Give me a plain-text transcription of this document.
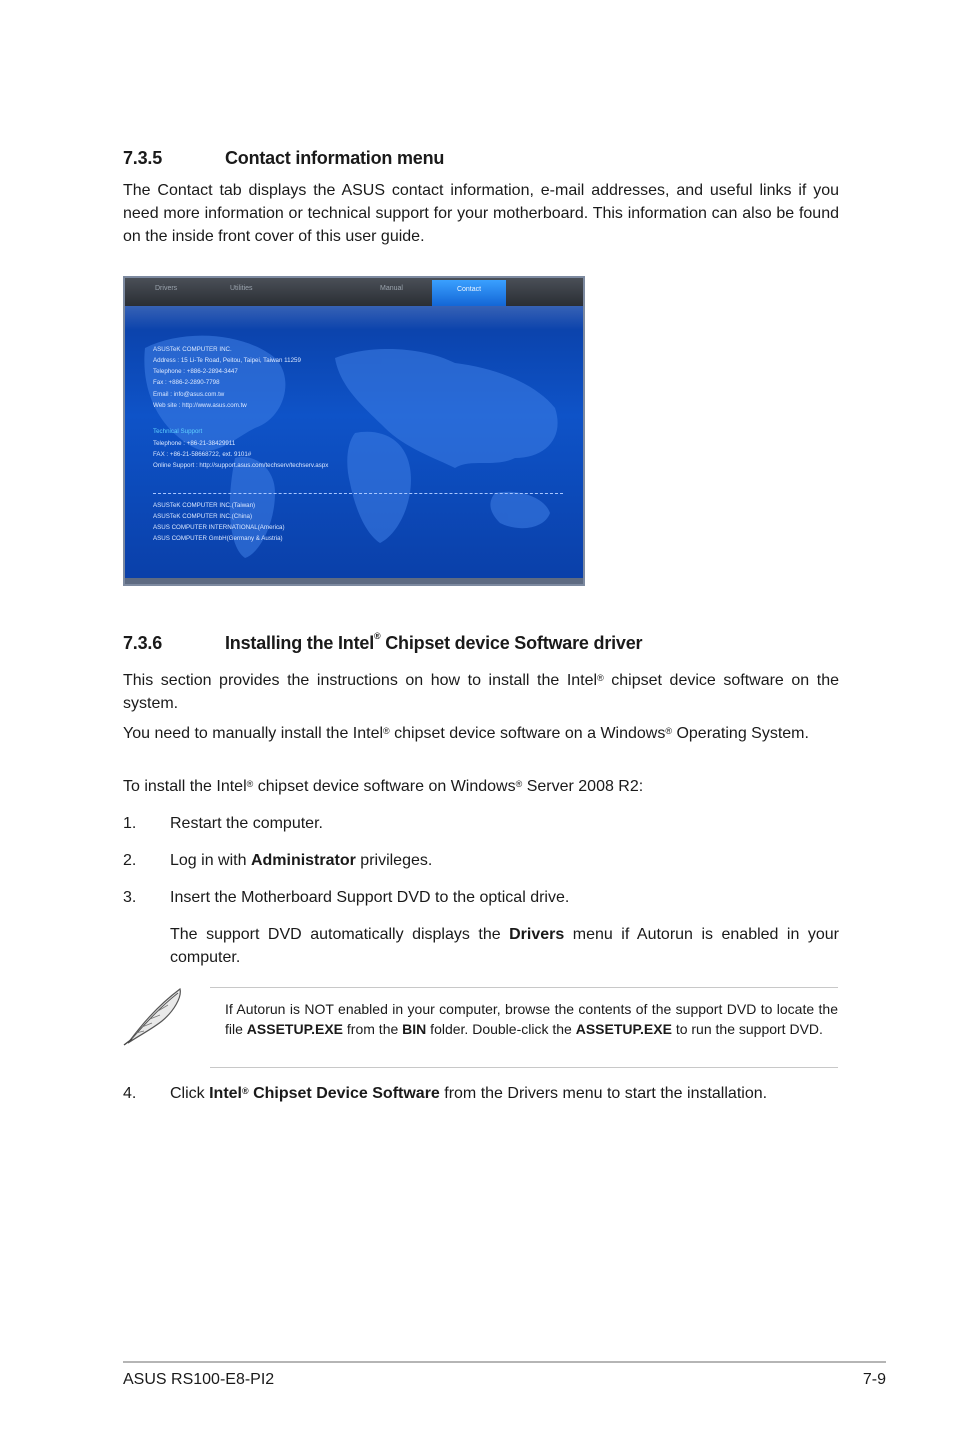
7.3.5	Contact information menu
The Contact tab displays the ASUS contact information, e-mail addresses, and useful links if you need more information or technical support for your motherboard. This information can also be found on the inside front cover of this user guide.
Drivers	Utilities	Manual	Contact
ASUSTeK COMPUTER INC.
Address : 15 Li-Te Road, Peitou, Taipei, Taiwan 11259
Telephone : +886-2-2894-3447
Fax : +886-2-2890-7798
Email : info@asus.com.tw
Web site : http://www.asus.com.tw
Technical Support
Telephone : +86-21-38429911
FAX : +86-21-58668722, ext. 9101#
Online Support : http://support.asus.com/techserv/techserv.aspx
ASUSTeK COMPUTER INC.(Taiwan)
ASUSTeK COMPUTER INC.(China)
ASUS COMPUTER INTERNATIONAL(America)
ASUS COMPUTER GmbH(Germany & Austria)
7.3.6	Installing the Intel® Chipset device Software driver
This section provides the instructions on how to install the Intel® chipset device software on the system.
You need to manually install the Intel® chipset device software on a Windows® Operating System.
To install the Intel® chipset device software on Windows® Server 2008 R2:
1. Restart the computer.
2. Log in with Administrator privileges.
3. Insert the Motherboard Support DVD to the optical drive.
The support DVD automatically displays the Drivers menu if Autorun is enabled in your computer.
If Autorun is NOT enabled in your computer, browse the contents of the support DVD to locate the file ASSETUP.EXE from the BIN folder. Double-click the ASSETUP.EXE to run the support DVD.
4. Click Intel® Chipset Device Software from the Drivers menu to start the installation.
ASUS RS100-E8-PI2	7-9
